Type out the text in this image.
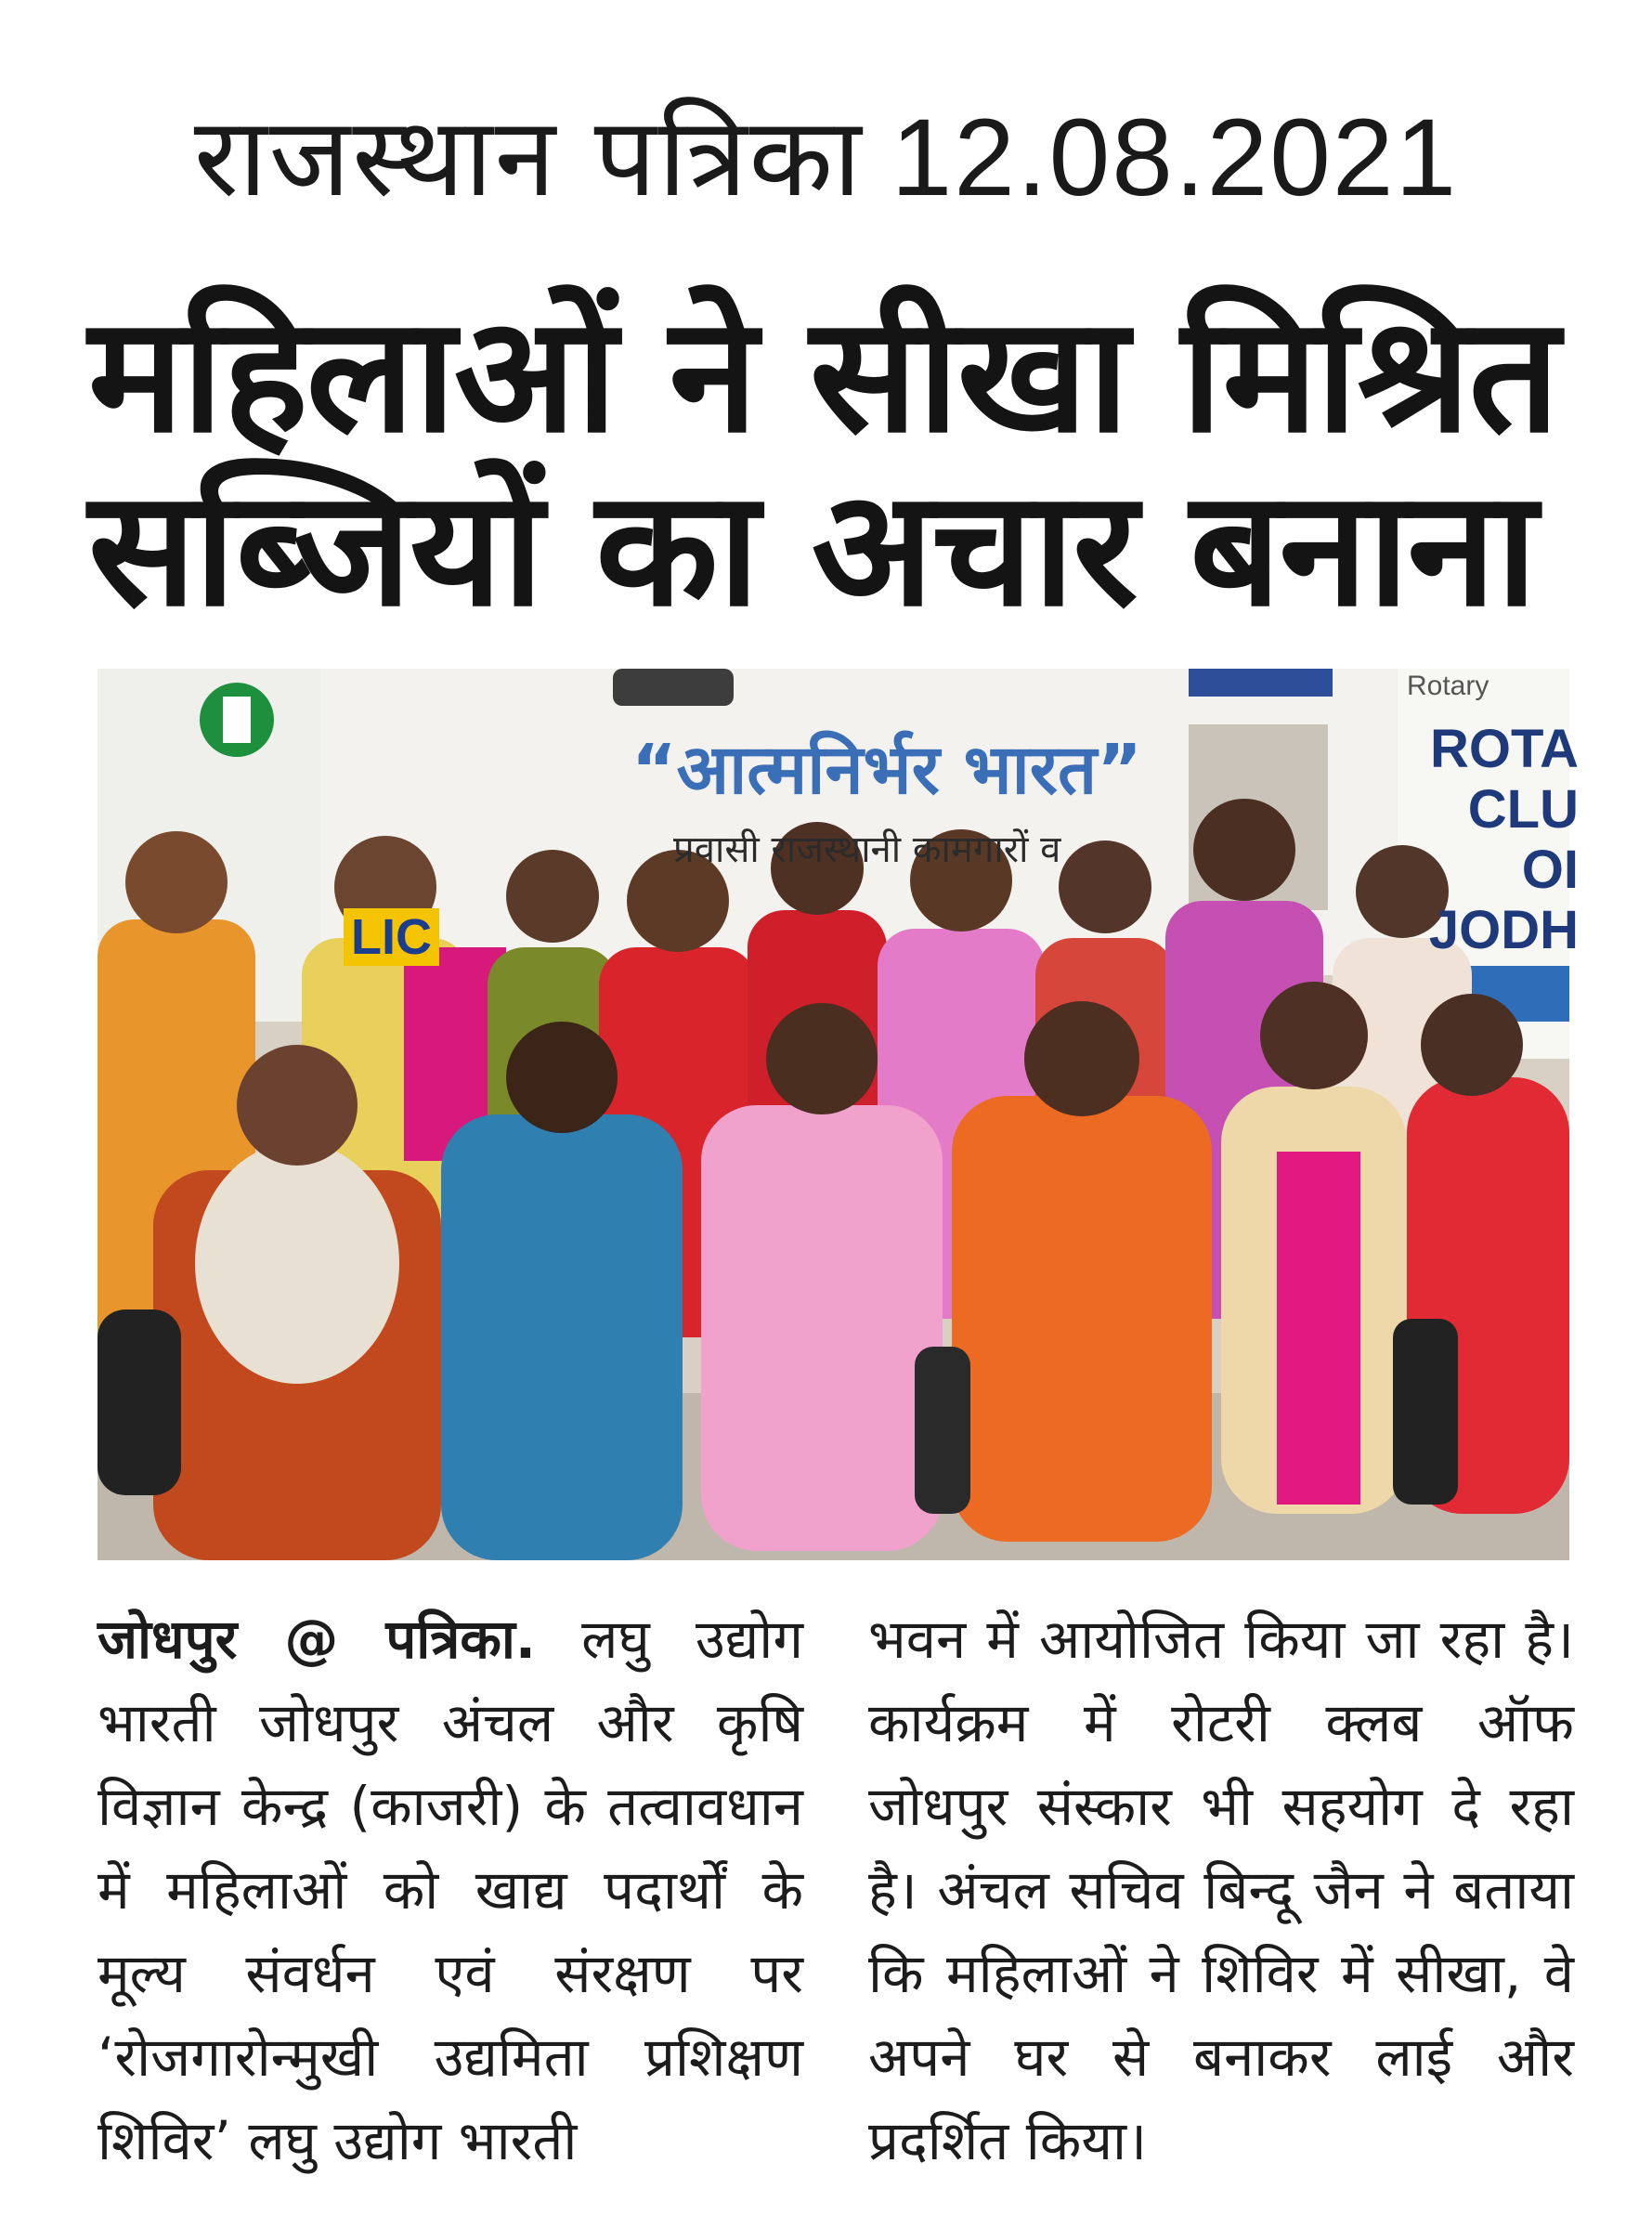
राजस्थान पत्रिका 12.08.2021
महिलाओं ने सीखा मिश्रित
सब्जियों का अचार बनाना
“आत्मनिर्भर भारत”
प्रवासी राजस्थानी कामगारों व
Rotary
ROTA CLU OI JODH
LIC
जोधपुर @ पत्रिका. लघु उद्योग भारती जोधपुर अंचल और कृषि विज्ञान केन्द्र (काजरी) के तत्वावधान में महिलाओं को खाद्य पदार्थों के मूल्य संवर्धन एवं संरक्षण पर ‘रोजगारोन्मुखी उद्यमिता प्रशिक्षण शिविर’ लघु उद्योग भारती
भवन में आयोजित किया जा रहा है। कार्यक्रम में रोटरी क्लब ऑफ जोधपुर संस्कार भी सहयोग दे रहा है। अंचल सचिव बिन्दू जैन ने बताया कि महिलाओं ने शिविर में सीखा, वे अपने घर से बनाकर लाई और प्रदर्शित किया।
